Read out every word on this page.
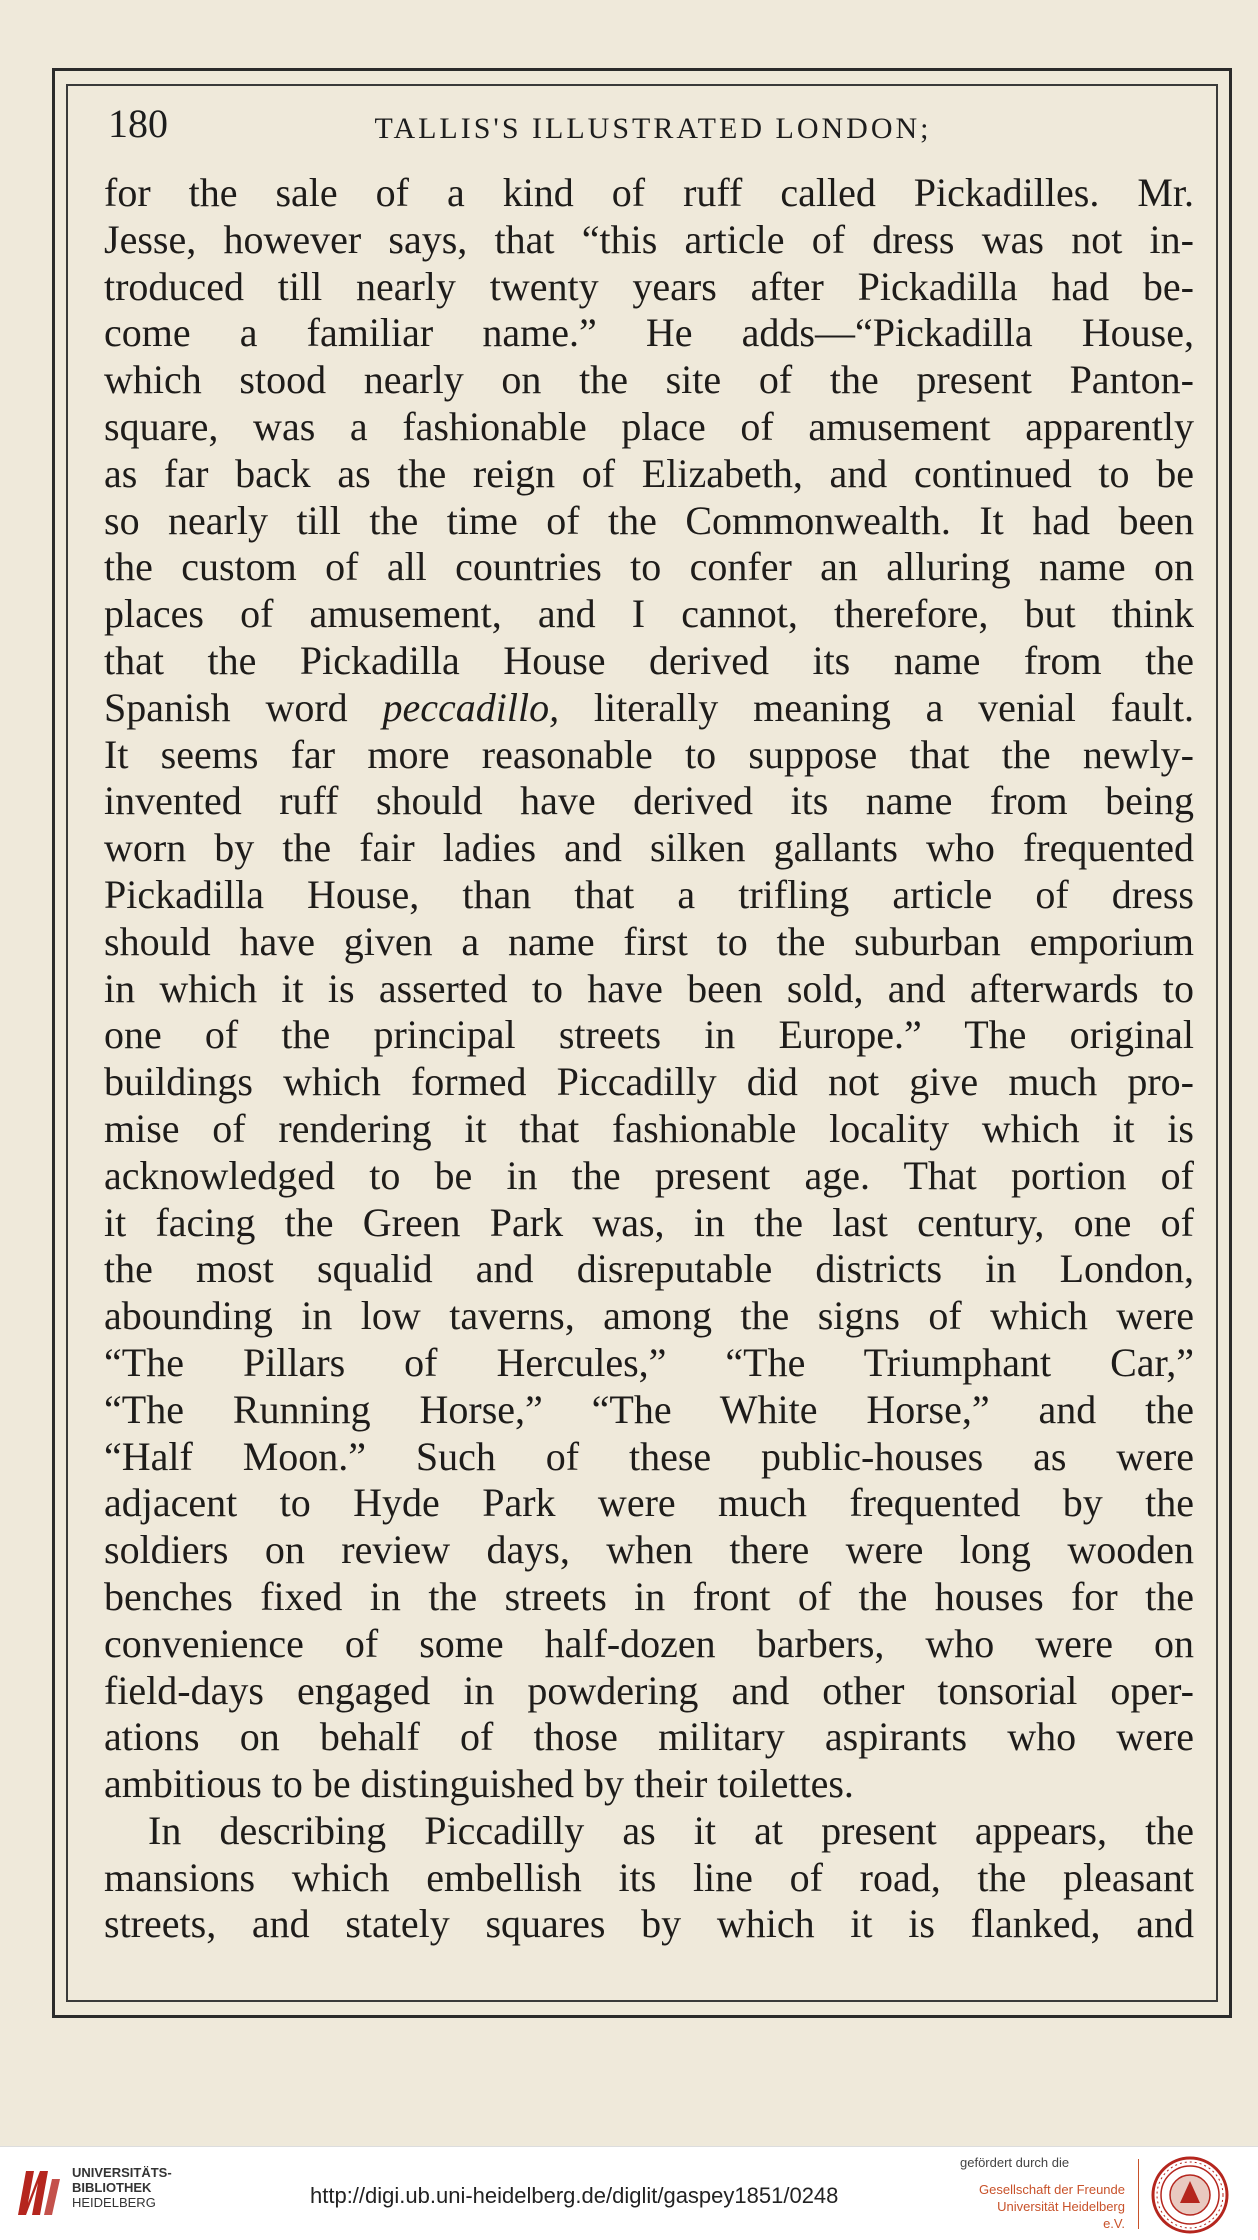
180	TALLIS'S ILLUSTRATED LONDON;
for the sale of a kind of ruff called Pickadilles. Mr.
Jesse, however says, that “this article of dress was not in-
troduced till nearly twenty years after Pickadilla had be-
come a familiar name.” He adds—“Pickadilla House,
which stood nearly on the site of the present Panton-
square, was a fashionable place of amusement apparently
as far back as the reign of Elizabeth, and continued to be
so nearly till the time of the Commonwealth. It had been
the custom of all countries to confer an alluring name on
places of amusement, and I cannot, therefore, but think
that the Pickadilla House derived its name from the
Spanish word peccadillo, literally meaning a venial fault.
It seems far more reasonable to suppose that the newly-
invented ruff should have derived its name from being
worn by the fair ladies and silken gallants who frequented
Pickadilla House, than that a trifling article of dress
should have given a name first to the suburban emporium
in which it is asserted to have been sold, and afterwards to
one of the principal streets in Europe.” The original
buildings which formed Piccadilly did not give much pro-
mise of rendering it that fashionable locality which it is
acknowledged to be in the present age. That portion of
it facing the Green Park was, in the last century, one of
the most squalid and disreputable districts in London,
abounding in low taverns, among the signs of which were
“The Pillars of Hercules,” “The Triumphant Car,”
“The Running Horse,” “The White Horse,” and the
“Half Moon.” Such of these public-houses as were
adjacent to Hyde Park were much frequented by the
soldiers on review days, when there were long wooden
benches fixed in the streets in front of the houses for the
convenience of some half-dozen barbers, who were on
field-days engaged in powdering and other tonsorial oper-
ations on behalf of those military aspirants who were
ambitious to be distinguished by their toilettes.
In describing Piccadilly as it at present appears, the
mansions which embellish its line of road, the pleasant
streets, and stately squares by which it is flanked, and
UNIVERSITÄTS-
BIBLIOTHEK
HEIDELBERG	http://digi.ub.uni-heidelberg.de/diglit/gaspey1851/0248
gefördert durch die
Gesellschaft der Freunde
Universität Heidelberg e.V.
